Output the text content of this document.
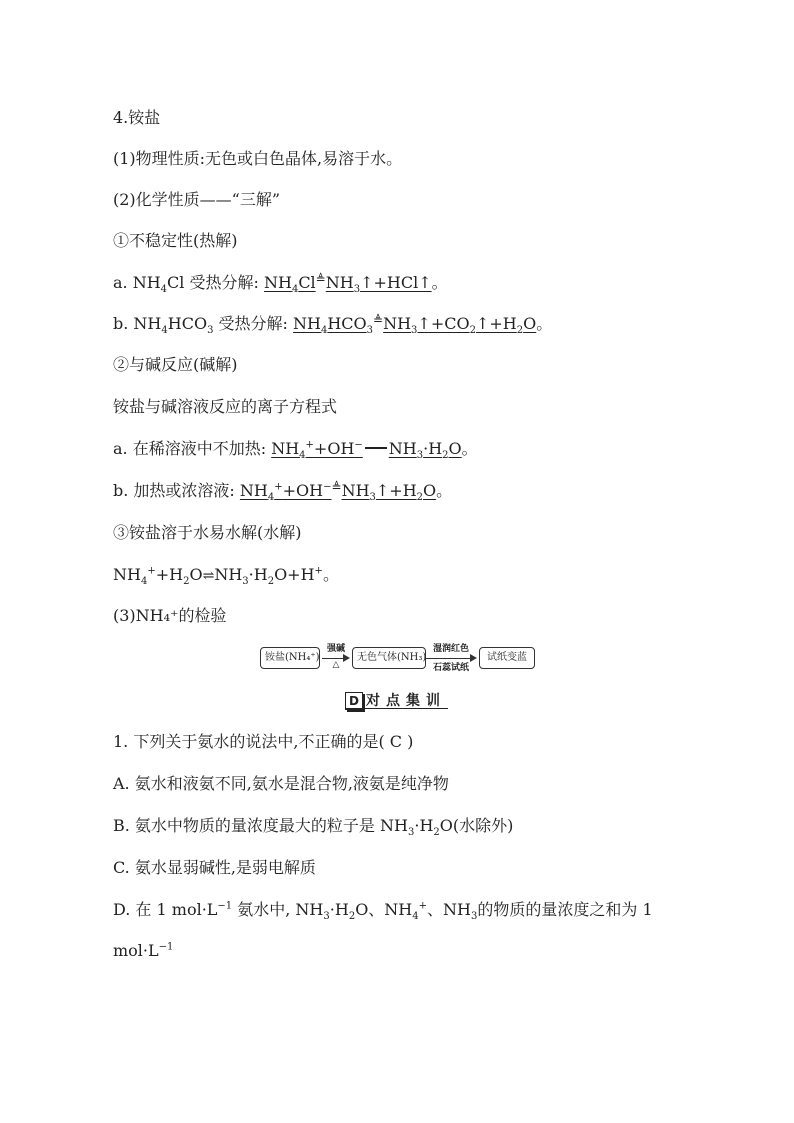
4.铵盐
(1)物理性质:无色或白色晶体,易溶于水。
(2)化学性质——“三解”
①不稳定性(热解)
a. $NH_4Cl$ 受热分解: $NH_4Cl^≜NH_3↑+HCl↑$。
b. $NH_4HCO_3$ 受热分解: $NH_4HCO_3^≜NH_3↑+CO_2↑+H_2O$。
②与碱反应(碱解)
铵盐与碱溶液反应的离子方程式
a. 在稀溶液中不加热: $NH_4^++OH^-$ $NH_3\cdot H_2O$。
b. 加热或浓溶液: $NH_4^++OH^{-≜}NH_3↑+H_2O$。
③铵盐溶于水易水解(水解)
$NH_4^++H_2O\rightleftharpoons NH_3\cdot H_2O+H^+$。
(3)NH₄⁺的检验
铵盐(NH₄⁺)
强碱
△
无色气体(NH₃)
湿润红色
石蕊试纸
试纸变蓝
D 对点集训
1. 下列关于氨水的说法中,不正确的是( C )
A. 氨水和液氨不同,氨水是混合物,液氨是纯净物
B. 氨水中物质的量浓度最大的粒子是 $NH_3\cdot H_2O$(水除外)
C. 氨水显弱碱性,是弱电解质
D. 在 1 $mol\cdot L^{-1}$ 氨水中, $NH_3\cdot H_2O$、$NH_4^+$、$NH_3$的物质的量浓度之和为 1
$mol\cdot L^{-1}$
